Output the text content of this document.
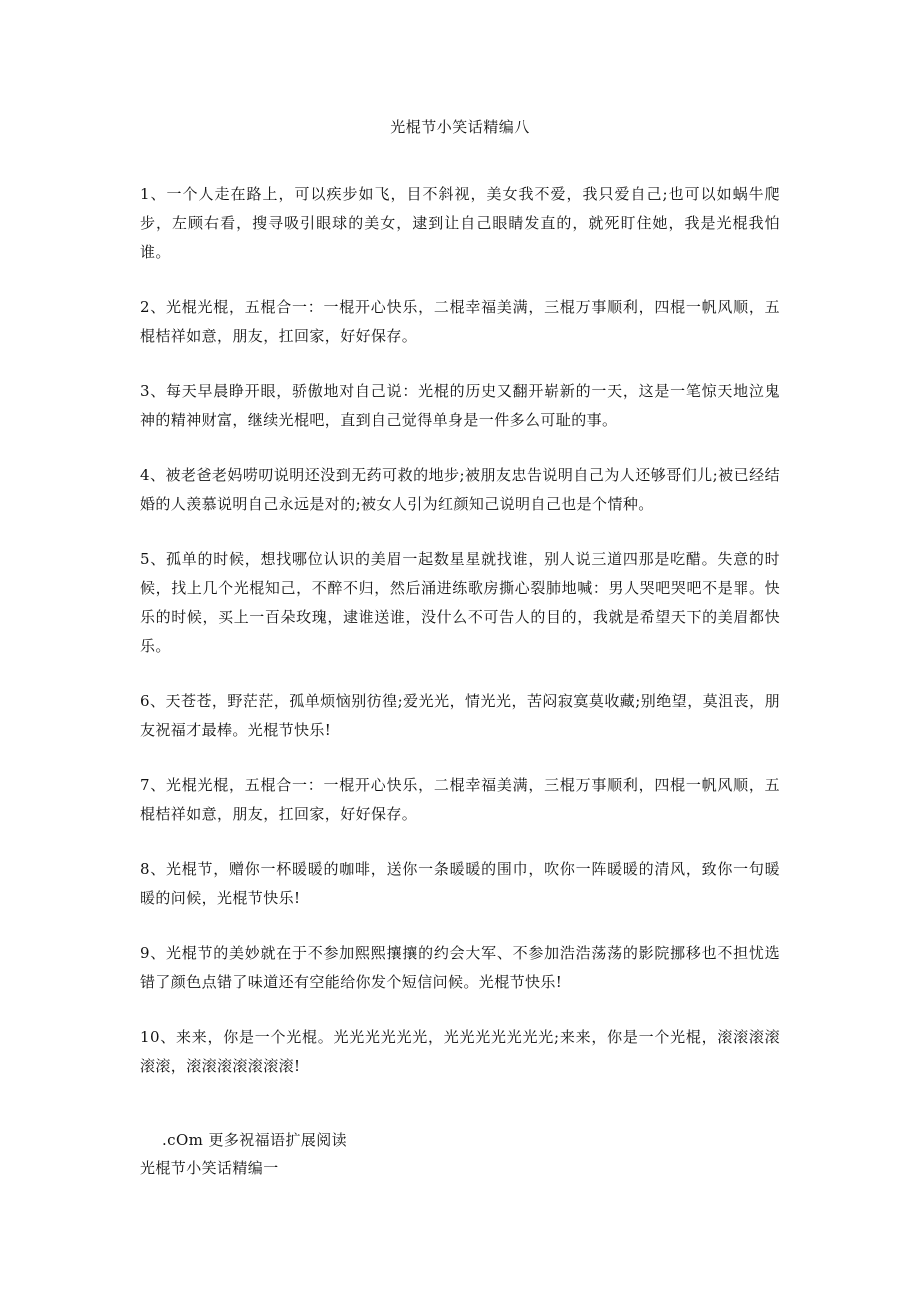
光棍节小笑话精编八

1、一个人走在路上，可以疾步如飞，目不斜视，美女我不爱，我只爱自己;也可以如蜗牛爬步，左顾右看，搜寻吸引眼球的美女，逮到让自己眼睛发直的，就死盯住她，我是光棍我怕谁。

2、光棍光棍，五棍合一：一棍开心快乐，二棍幸福美满，三棍万事顺利，四棍一帆风顺，五棍桔祥如意，朋友，扛回家，好好保存。

3、每天早晨睁开眼，骄傲地对自己说：光棍的历史又翻开崭新的一天，这是一笔惊天地泣鬼神的精神财富，继续光棍吧，直到自己觉得单身是一件多么可耻的事。

4、被老爸老妈唠叨说明还没到无药可救的地步;被朋友忠告说明自己为人还够哥们儿;被已经结婚的人羡慕说明自己永远是对的;被女人引为红颜知己说明自己也是个情种。

5、孤单的时候，想找哪位认识的美眉一起数星星就找谁，别人说三道四那是吃醋。失意的时候，找上几个光棍知己，不醉不归，然后涌进练歌房撕心裂肺地喊：男人哭吧哭吧不是罪。快乐的时候，买上一百朵玫瑰，逮谁送谁，没什么不可告人的目的，我就是希望天下的美眉都快乐。

6、天苍苍，野茫茫，孤单烦恼别彷徨;爱光光，情光光，苦闷寂寞莫收藏;别绝望，莫沮丧，朋友祝福才最棒。光棍节快乐!

7、光棍光棍，五棍合一：一棍开心快乐，二棍幸福美满，三棍万事顺利，四棍一帆风顺，五棍桔祥如意，朋友，扛回家，好好保存。

8、光棍节，赠你一杯暖暖的咖啡，送你一条暖暖的围巾，吹你一阵暖暖的清风，致你一句暖暖的问候，光棍节快乐!

9、光棍节的美妙就在于不参加熙熙攘攘的约会大军、不参加浩浩荡荡的影院挪移也不担忧选错了颜色点错了味道还有空能给你发个短信问候。光棍节快乐!

10、来来，你是一个光棍。光光光光光光，光光光光光光光;来来，你是一个光棍，滚滚滚滚滚滚，滚滚滚滚滚滚滚!

.cOm 更多祝福语扩展阅读
光棍节小笑话精编一
